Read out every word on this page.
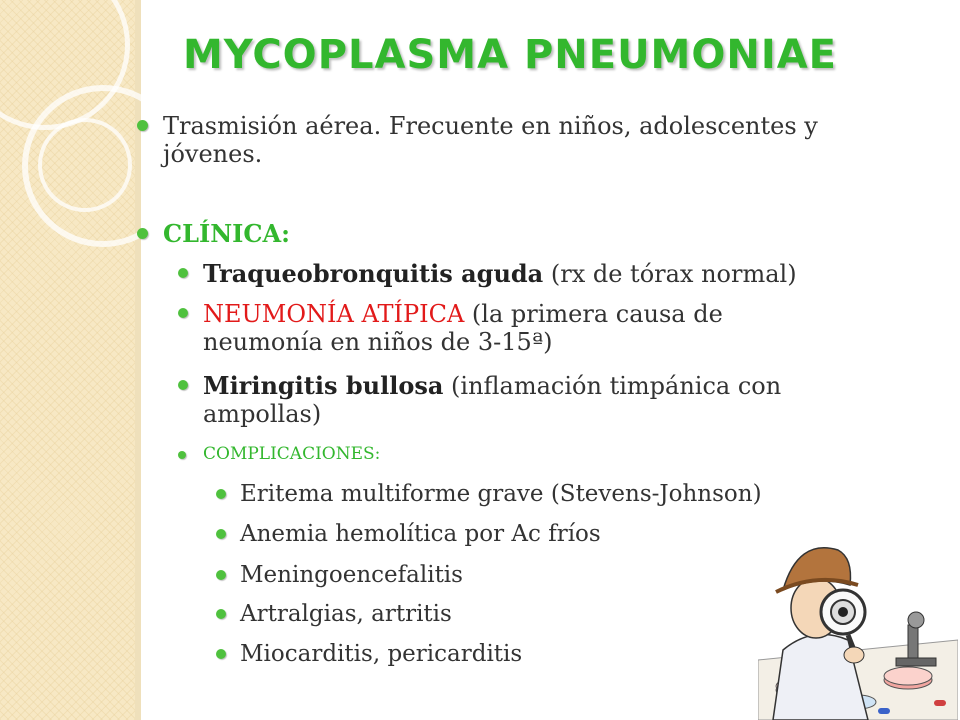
MYCOPLASMA PNEUMONIAE
Trasmisión aérea. Frecuente en niños, adolescentes y jóvenes.
CLÍNICA:
Traqueobronquitis aguda (rx de tórax normal)
NEUMONÍA ATÍPICA (la primera causa de neumonía en niños de 3-15ª)
Miringitis bullosa (inflamación timpánica con ampollas)
COMPLICACIONES:
Eritema multiforme grave (Stevens-Johnson)
Anemia hemolítica por Ac fríos
Meningoencefalitis
Artralgias, artritis
Miocarditis, pericarditis
